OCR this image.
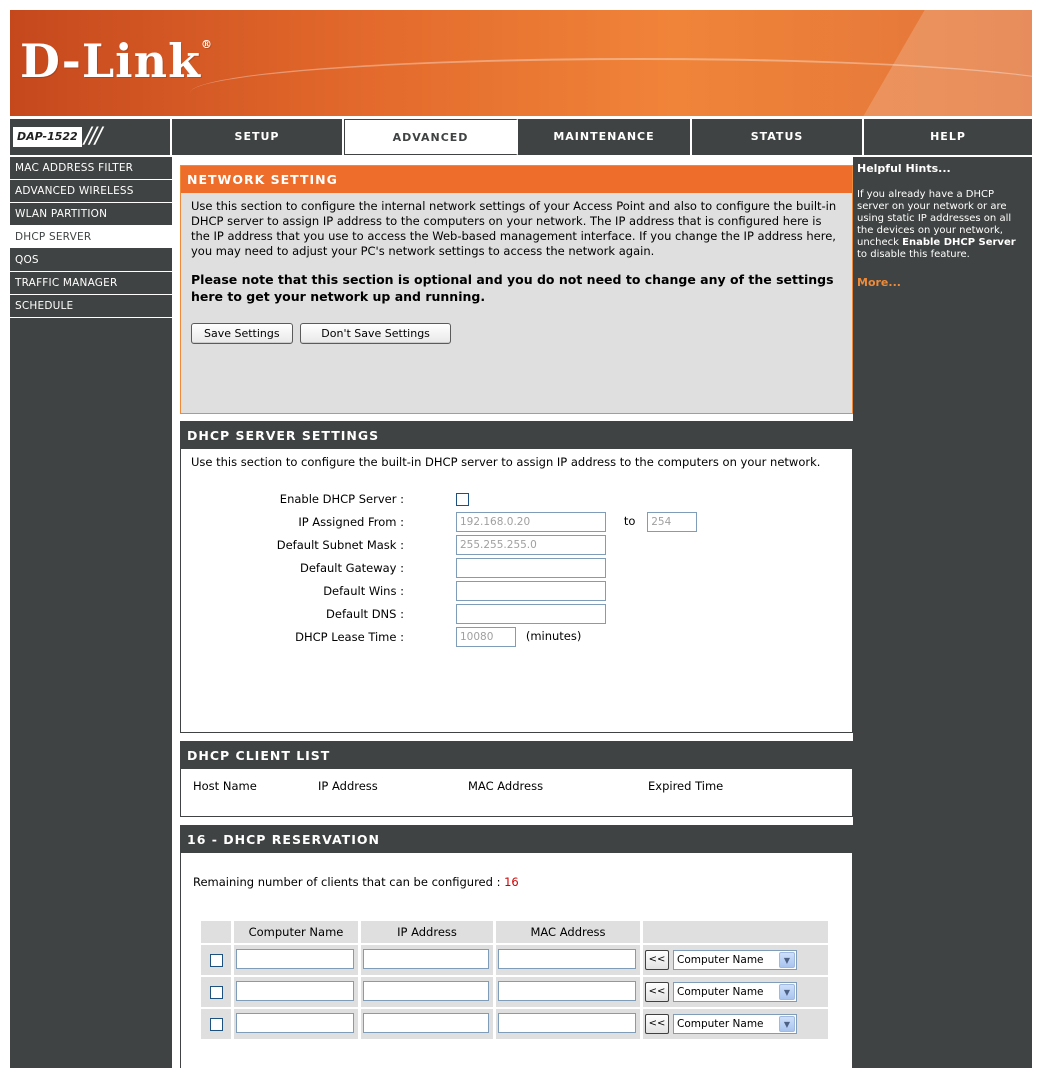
D-Link®
DAP-1522 ///	SETUP	ADVANCED	MAINTENANCE	STATUS	HELP
MAC ADDRESS FILTER
ADVANCED WIRELESS
WLAN PARTITION
DHCP SERVER
QOS
TRAFFIC MANAGER
SCHEDULE
Helpful Hints...
If you already have a DHCP server on your network or are using static IP addresses on all the devices on your network, uncheck Enable DHCP Server to disable this feature.
More...
NETWORK SETTING
Use this section to configure the internal network settings of your Access Point and also to configure the built-in DHCP server to assign IP address to the computers on your network. The IP address that is configured here is the IP address that you use to access the Web-based management interface. If you change the IP address here, you may need to adjust your PC's network settings to access the network again.
Please note that this section is optional and you do not need to change any of the settings here to get your network up and running.
Save Settings	Don't Save Settings
DHCP SERVER SETTINGS
Use this section to configure the built-in DHCP server to assign IP address to the computers on your network.
Enable DHCP Server :
IP Assigned From :	192.168.0.20	to 254
Default Subnet Mask :	255.255.255.0
Default Gateway :
Default Wins :
Default DNS :
DHCP Lease Time :	10080	(minutes)
DHCP CLIENT LIST
Host Name	IP Address	MAC Address	Expired Time
16 - DHCP RESERVATION
Remaining number of clients that can be configured : 16
	Computer Name	IP Address	MAC Address	
				<< Computer Name ▼

				<< Computer Name ▼

				<< Computer Name ▼
